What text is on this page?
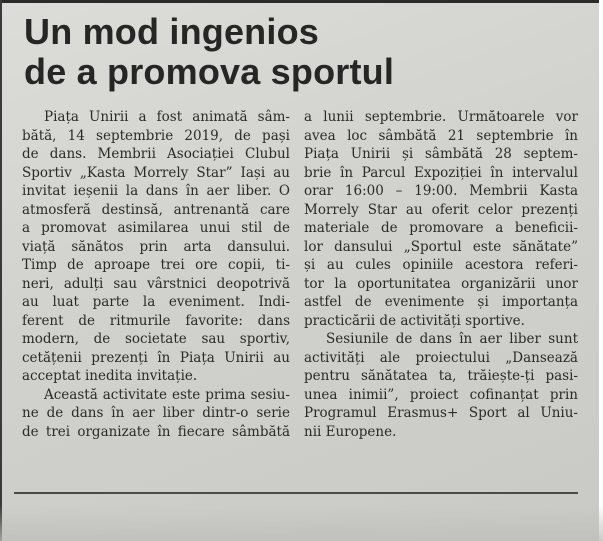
Un mod ingenios
de a promova sportul
Piața Unirii a fost animată sâm-
bătă, 14 septembrie 2019, de pași
de dans. Membrii Asociației Clubul
Sportiv „Kasta Morrely Star” Iași au
invitat ieșenii la dans în aer liber. O
atmosferă destinsă, antrenantă care
a promovat asimilarea unui stil de
viață sănătos prin arta dansului.
Timp de aproape trei ore copii, ti-
neri, adulți sau vârstnici deopotrivă
au luat parte la eveniment. Indi-
ferent de ritmurile favorite: dans
modern, de societate sau sportiv,
cetățenii prezenți în Piața Unirii au
acceptat inedita invitație.
Această activitate este prima sesiu-
ne de dans în aer liber dintr-o serie
de trei organizate în fiecare sâmbătă
a lunii septembrie. Următoarele vor
avea loc sâmbătă 21 septembrie în
Piața Unirii și sâmbătă 28 septem-
brie în Parcul Expoziției în intervalul
orar 16:00 – 19:00. Membrii Kasta
Morrely Star au oferit celor prezenți
materiale de promovare a beneficii-
lor dansului „Sportul este sănătate”
și au cules opiniile acestora referi-
tor la oportunitatea organizării unor
astfel de evenimente și importanța
practicării de activități sportive.
Sesiunile de dans în aer liber sunt
activități ale proiectului „Dansează
pentru sănătatea ta, trăiește-ți pasi-
unea inimii”, proiect cofinanțat prin
Programul Erasmus+ Sport al Uniu-
nii Europene.
